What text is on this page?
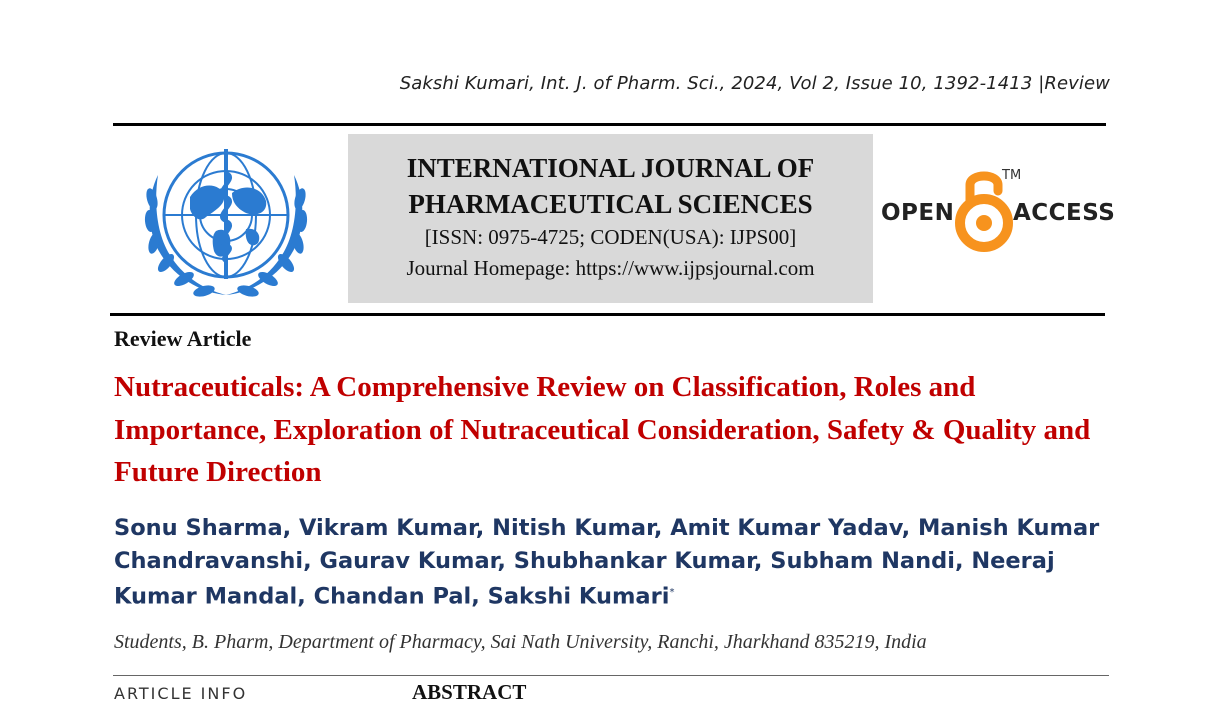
Sakshi Kumari, Int. J. of Pharm. Sci., 2024, Vol 2, Issue 10, 1392-1413 |Review
INTERNATIONAL JOURNAL OF
PHARMACEUTICAL SCIENCES
[ISSN: 0975-4725; CODEN(USA): IJPS00]
Journal Homepage: https://www.ijpsjournal.com
OPEN
TM
ACCESS
Review Article
Nutraceuticals: A Comprehensive Review on Classification, Roles and Importance, Exploration of Nutraceutical Consideration, Safety & Quality and Future Direction
Sonu Sharma, Vikram Kumar, Nitish Kumar, Amit Kumar Yadav, Manish Kumar Chandravanshi, Gaurav Kumar, Shubhankar Kumar, Subham Nandi, Neeraj Kumar Mandal, Chandan Pal, Sakshi Kumari*
Students, B. Pharm, Department of Pharmacy, Sai Nath University, Ranchi, Jharkhand 835219, India
ARTICLE INFO	ABSTRACT
